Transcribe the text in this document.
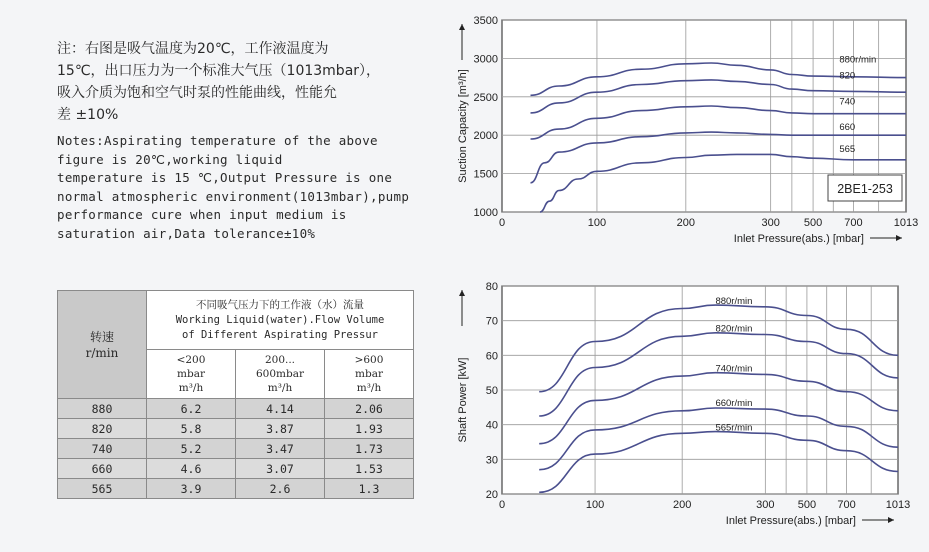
注：右图是吸气温度为20℃，工作液温度为
15℃，出口压力为一个标准大气压（1013mbar），
吸入介质为饱和空气时泵的性能曲线，性能允
差 ±10%

Notes:Aspirating temperature of the above
figure is 20℃,working liquid
temperature is 15 ℃,Output Pressure is one
normal atmospheric environment(1013mbar),pump
performance cure when input medium is
saturation air,Data tolerance±10%

转速
r/min	不同吸气压力下的工作液（水）流量
Working Liquid(water).Flow Volume
of Different Aspirating Pressur		
	<200
mbar
m³/h	200...
600mbar
m³/h	>600
mbar
m³/h
880	6.2	4.14	2.06
820	5.8	3.87	1.93
740	5.2	3.47	1.73
660	4.6	3.07	1.53
565	3.9	2.6	1.3
1000
1500
2000
2500
3000
3500
0	100	200	300 500 700	1013
880r/min
820
740
660
565
Inlet Pressure(abs.) [mbar]
Suction Capacity [m³/h]
2BE1-253
20
30
40
50
60
70
80
0	100	200	300 500 700	1013
880r/min
820r/min
740r/min
660r/min
565r/min
Inlet Pressure(abs.) [mbar]
Shaft Power [kW]
